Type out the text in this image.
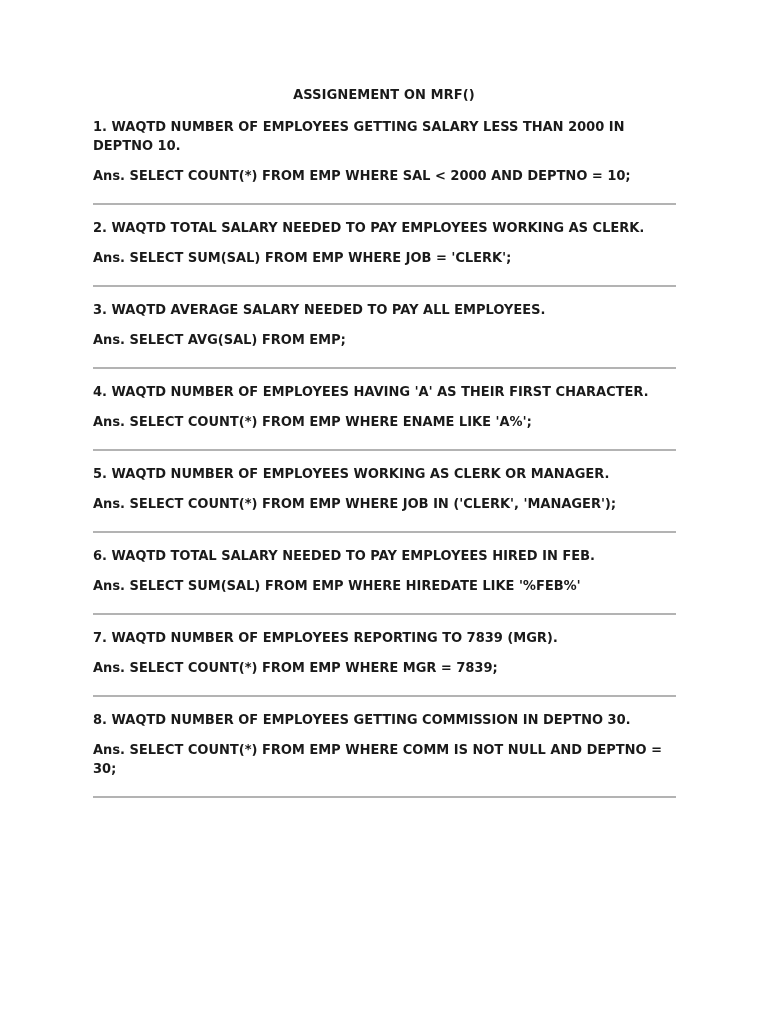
ASSIGNEMENT ON MRF()

1. WAQTD NUMBER OF EMPLOYEES GETTING SALARY LESS THAN 2000 IN DEPTNO 10.

Ans. SELECT COUNT(*) FROM EMP WHERE SAL < 2000 AND DEPTNO = 10;

2. WAQTD TOTAL SALARY NEEDED TO PAY EMPLOYEES WORKING AS CLERK.

Ans. SELECT SUM(SAL) FROM EMP WHERE JOB = 'CLERK';

3. WAQTD AVERAGE SALARY NEEDED TO PAY ALL EMPLOYEES.

Ans. SELECT AVG(SAL) FROM EMP;

4. WAQTD NUMBER OF EMPLOYEES HAVING 'A' AS THEIR FIRST CHARACTER.

Ans. SELECT COUNT(*) FROM EMP WHERE ENAME LIKE 'A%';

5. WAQTD NUMBER OF EMPLOYEES WORKING AS CLERK OR MANAGER.

Ans. SELECT COUNT(*) FROM EMP WHERE JOB IN ('CLERK', 'MANAGER');

6. WAQTD TOTAL SALARY NEEDED TO PAY EMPLOYEES HIRED IN FEB.

Ans. SELECT SUM(SAL) FROM EMP WHERE HIREDATE LIKE '%FEB%'

7. WAQTD NUMBER OF EMPLOYEES REPORTING TO 7839 (MGR).

Ans. SELECT COUNT(*) FROM EMP WHERE MGR = 7839;

8. WAQTD NUMBER OF EMPLOYEES GETTING COMMISSION IN DEPTNO 30.

Ans. SELECT COUNT(*) FROM EMP WHERE COMM IS NOT NULL AND DEPTNO = 30;
